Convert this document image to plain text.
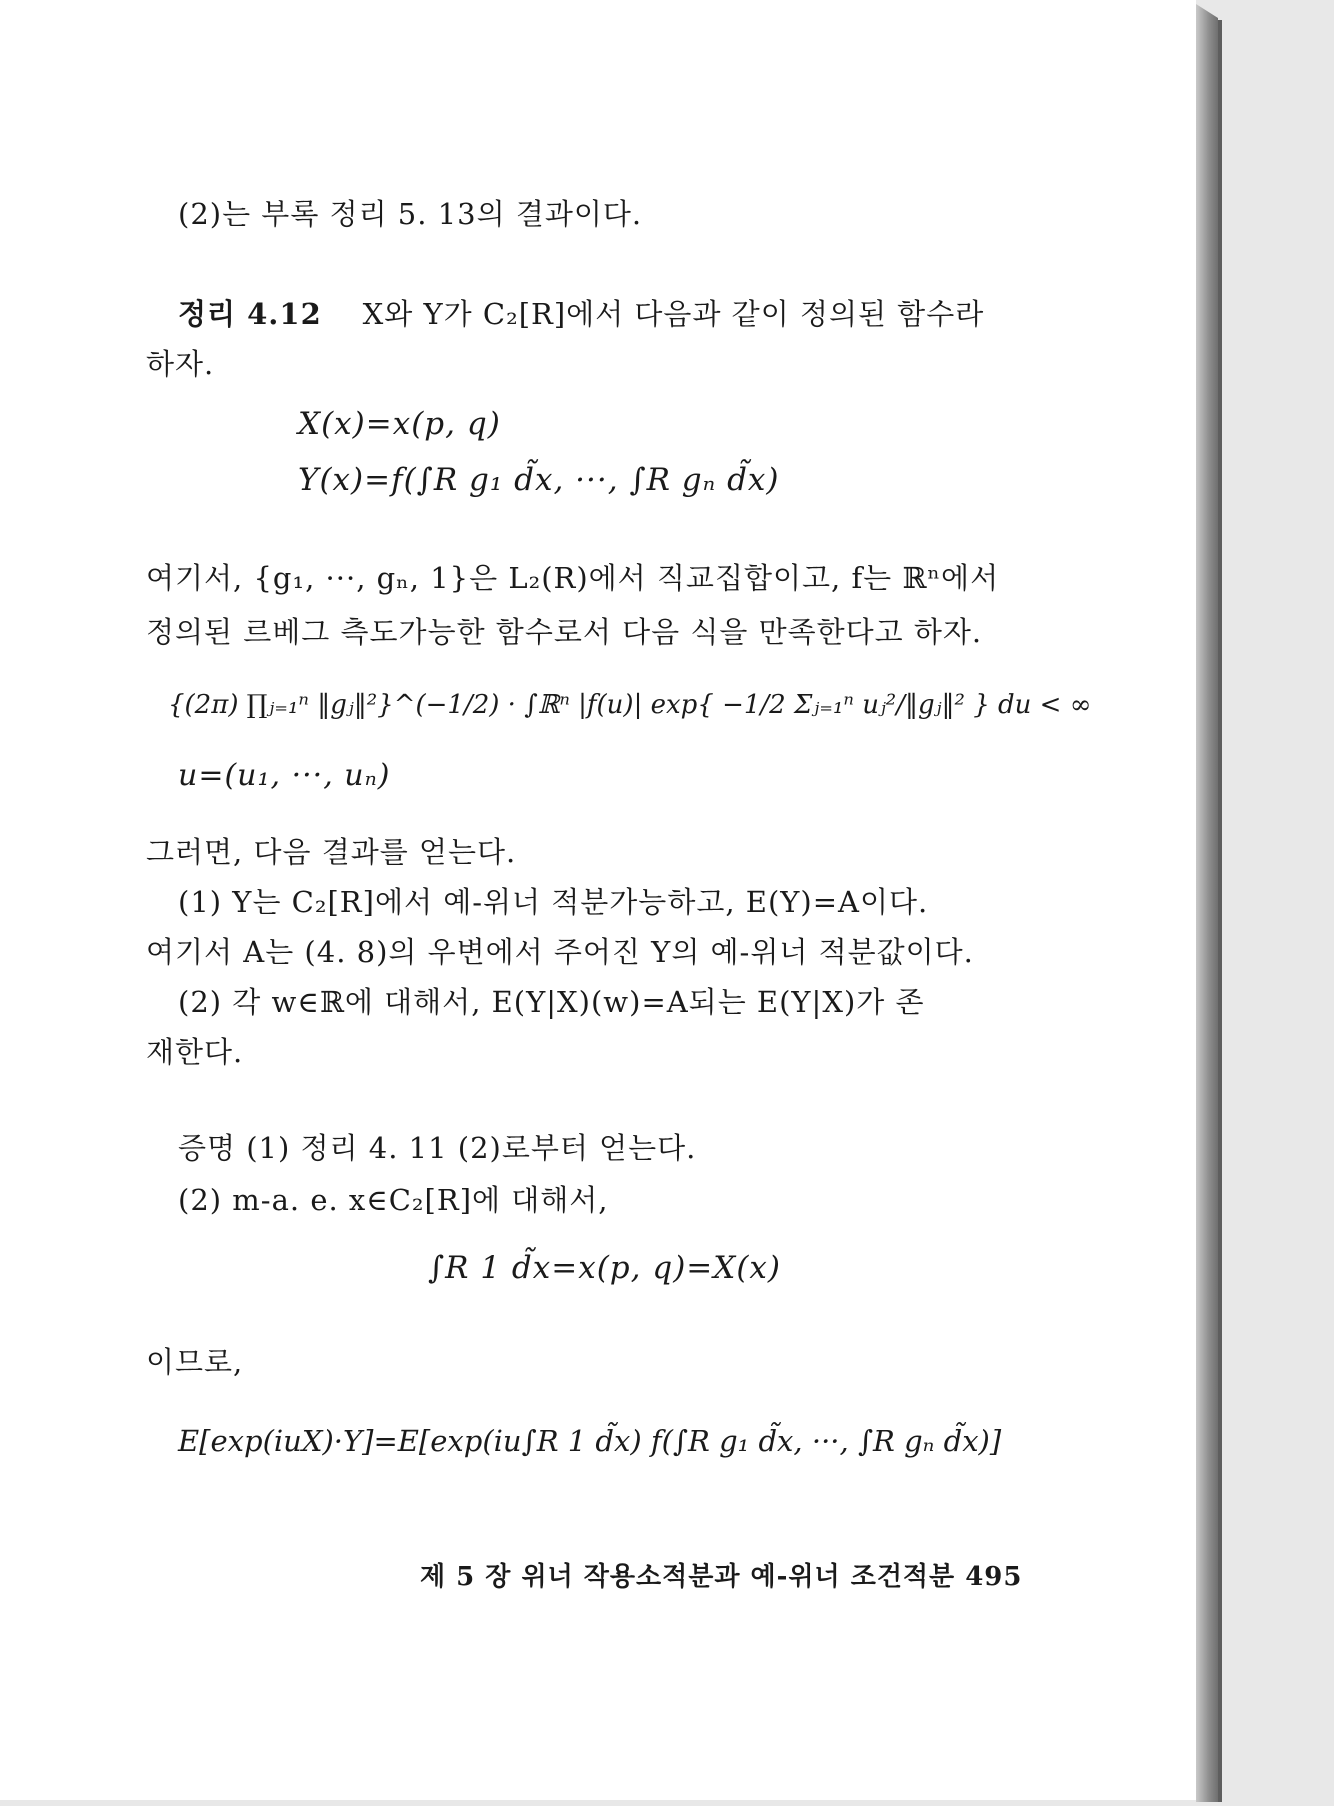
(2)는 부록 정리 5. 13의 결과이다.
정리 4.12 X와 Y가 C₂[R]에서 다음과 같이 정의된 함수라
하자.
X(x)=x(p, q)
Y(x)=f(∫R g₁ d̃x, ···, ∫R gₙ d̃x)
여기서, {g₁, ···, gₙ, 1}은 L₂(R)에서 직교집합이고, f는 ℝⁿ에서
정의된 르베그 측도가능한 함수로서 다음 식을 만족한다고 하자.
{(2π) ∏ⱼ₌₁ⁿ ‖gⱼ‖²}^(−1/2) · ∫ℝⁿ |f(u)| exp{ −1/2 Σⱼ₌₁ⁿ uⱼ²/‖gⱼ‖² } du < ∞
u=(u₁, ···, uₙ)
그러면, 다음 결과를 얻는다.
(1) Y는 C₂[R]에서 예-위너 적분가능하고, E(Y)=A이다.
여기서 A는 (4. 8)의 우변에서 주어진 Y의 예-위너 적분값이다.
(2) 각 w∈ℝ에 대해서, E(Y|X)(w)=A되는 E(Y|X)가 존
재한다.
증명 (1) 정리 4. 11 (2)로부터 얻는다.
(2) m-a. e. x∈C₂[R]에 대해서,
∫R 1 d̃x=x(p, q)=X(x)
이므로,
E[exp(iuX)·Y]=E[exp(iu∫R 1 d̃x) f(∫R g₁ d̃x, ···, ∫R gₙ d̃x)]
제 5 장 위너 작용소적분과 예-위너 조건적분 495
